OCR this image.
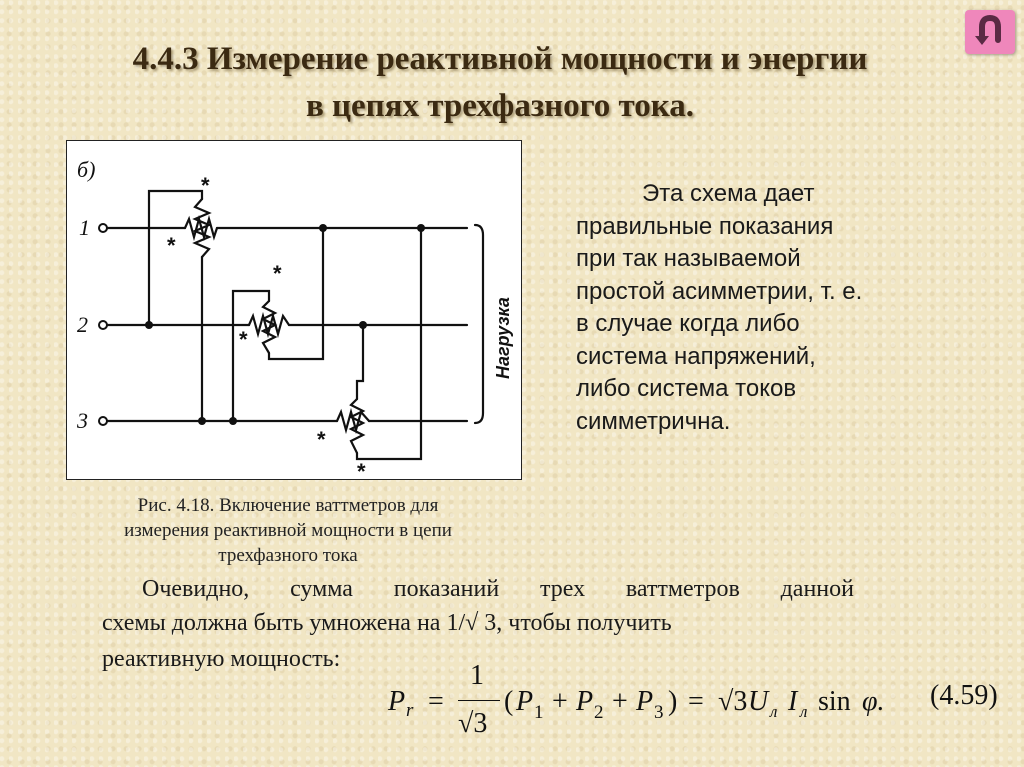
4.4.3 Измерение реактивной мощности и энергии
в цепях трехфазного тока.
б)
1
2
3
Нагрузка
*
*
*
*
*
*
Эта схема дает
правильные показания
при так называемой
простой асимметрии, т. е.
в случае когда либо
система напряжений,
либо система токов
симметрична.
Рис. 4.18. Включение ваттметров для
измерения реактивной мощности в цепи
трехфазного тока
Очевидно, сумма показаний трех ваттметров данной
схемы должна быть умножена на 1/√ 3, чтобы получить
реактивную мощность:
P r =
1
√3
( P 1 + P 2 + P 3 ) = √3 U л I л sin φ. (4.59)
